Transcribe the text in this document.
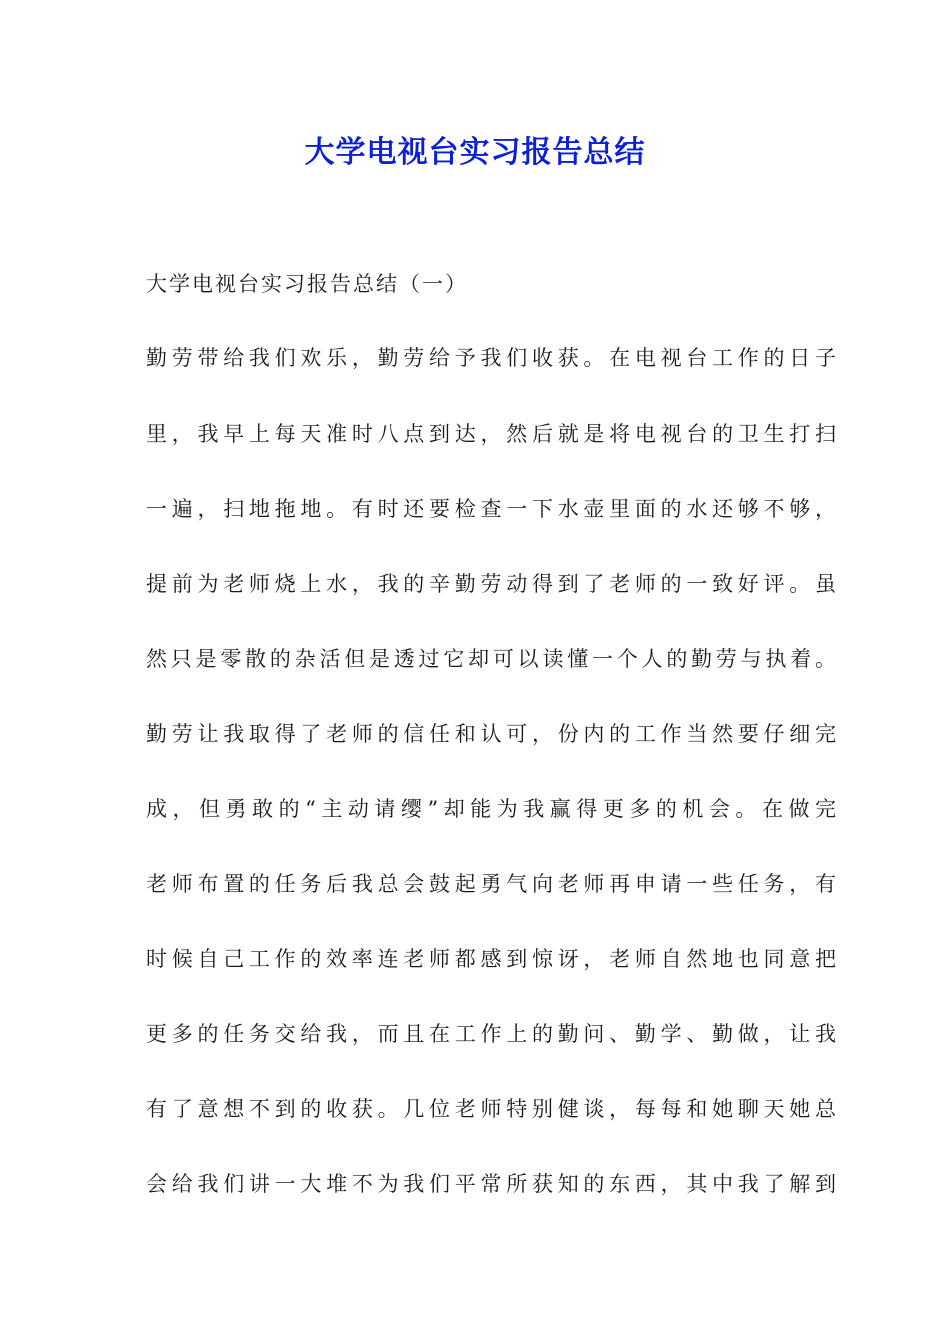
大学电视台实习报告总结
大学电视台实习报告总结（一）
勤劳带给我们欢乐，勤劳给予我们收获。在电视台工作的日子
里，我早上每天准时八点到达，然后就是将电视台的卫生打扫
一遍，扫地拖地。有时还要检查一下水壶里面的水还够不够，
提前为老师烧上水，我的辛勤劳动得到了老师的一致好评。虽
然只是零散的杂活但是透过它却可以读懂一个人的勤劳与执着。
勤劳让我取得了老师的信任和认可，份内的工作当然要仔细完
成，但勇敢的“主动请缨”却能为我赢得更多的机会。在做完
老师布置的任务后我总会鼓起勇气向老师再申请一些任务，有
时候自己工作的效率连老师都感到惊讶，老师自然地也同意把
更多的任务交给我，而且在工作上的勤问、勤学、勤做，让我
有了意想不到的收获。几位老师特别健谈，每每和她聊天她总
会给我们讲一大堆不为我们平常所获知的东西，其中我了解到
